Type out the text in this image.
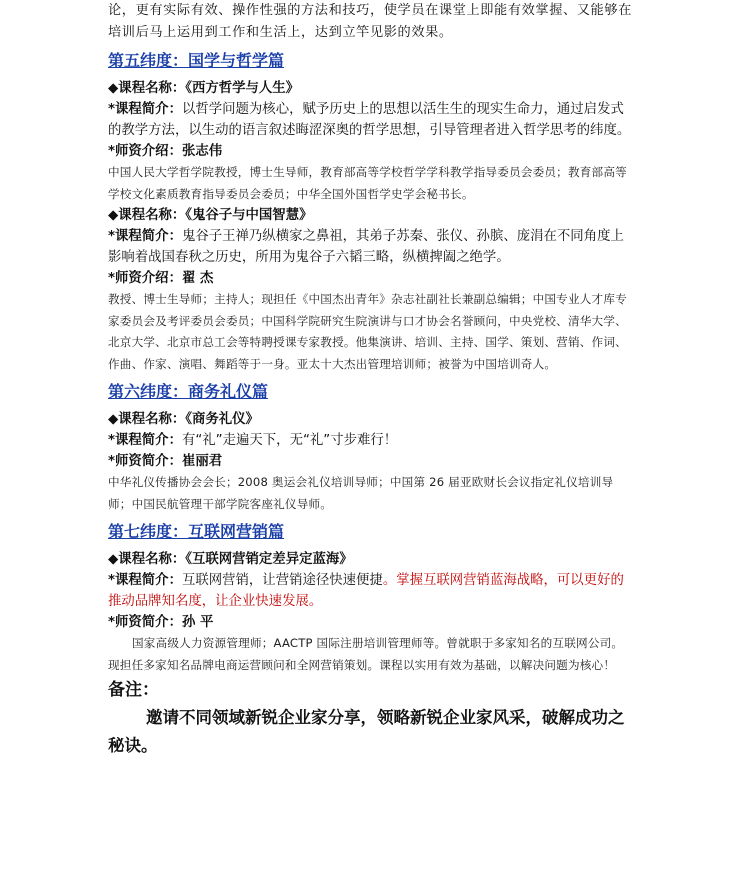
论，更有实际有效、操作性强的方法和技巧，使学员在课堂上即能有效掌握、又能够在培训后马上运用到工作和生活上，达到立竿见影的效果。

第五纬度：国学与哲学篇

◆课程名称：《西方哲学与人生》

*课程简介：以哲学问题为核心，赋予历史上的思想以活生生的现实生命力，通过启发式的教学方法，以生动的语言叙述晦涩深奥的哲学思想，引导管理者进入哲学思考的纬度。

*师资介绍：张志伟

中国人民大学哲学院教授，博士生导师，教育部高等学校哲学学科教学指导委员会委员；教育部高等学校文化素质教育指导委员会委员；中华全国外国哲学史学会秘书长。

◆课程名称：《鬼谷子与中国智慧》

*课程简介：鬼谷子王禅乃纵横家之鼻祖，其弟子苏秦、张仪、孙膑、庞涓在不同角度上影响着战国春秋之历史，所用为鬼谷子六韬三略，纵横捭阖之绝学。

*师资介绍：翟 杰

教授、博士生导师；主持人；现担任《中国杰出青年》杂志社副社长兼副总编辑；中国专业人才库专家委员会及考评委员会委员；中国科学院研究生院演讲与口才协会名誉顾问，中央党校、清华大学、北京大学、北京市总工会等特聘授课专家教授。他集演讲、培训、主持、国学、策划、营销、作词、作曲、作家、演唱、舞蹈等于一身。亚太十大杰出管理培训师；被誉为中国培训奇人。

第六纬度：商务礼仪篇

◆课程名称：《商务礼仪》

*课程简介：有“礼”走遍天下，无“礼”寸步难行！

*师资简介：崔丽君

中华礼仪传播协会会长；2008 奥运会礼仪培训导师；中国第 26 届亚欧财长会议指定礼仪培训导师；中国民航管理干部学院客座礼仪导师。

第七纬度：互联网营销篇

◆课程名称：《互联网营销定差异定蓝海》

*课程简介：互联网营销，让营销途径快速便捷。掌握互联网营销蓝海战略，可以更好的推动品牌知名度，让企业快速发展。

*师资简介：孙 平

国家高级人力资源管理师；AACTP 国际注册培训管理师等。曾就职于多家知名的互联网公司。现担任多家知名品牌电商运营顾问和全网营销策划。课程以实用有效为基础，以解决问题为核心！

备注：

邀请不同领域新锐企业家分享，领略新锐企业家风采，破解成功之秘诀。
